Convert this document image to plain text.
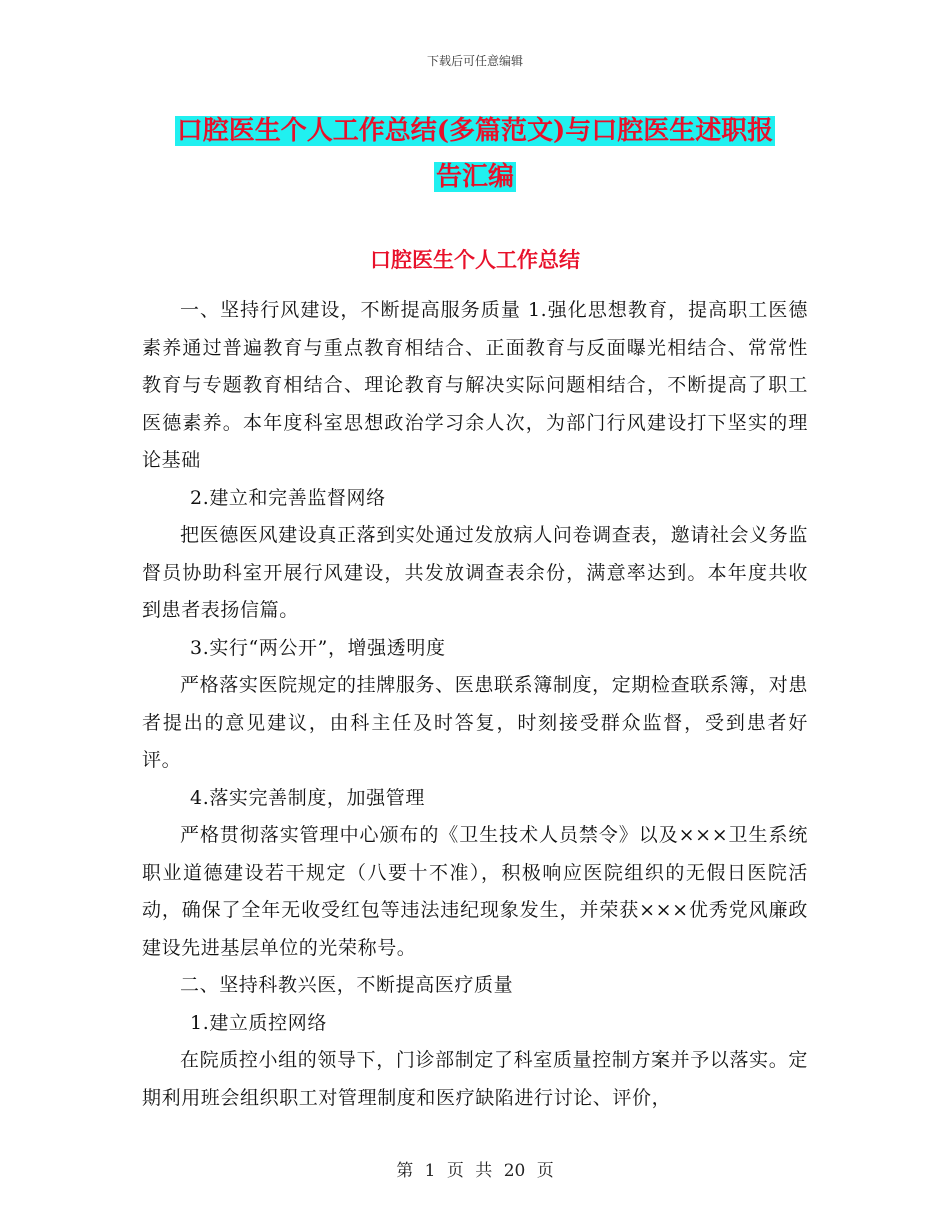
下载后可任意编辑
口腔医生个人工作总结(多篇范文)与口腔医生述职报
告汇编
口腔医生个人工作总结

一、坚持行风建设，不断提高服务质量 1.强化思想教育，提高职工医德素养通过普遍教育与重点教育相结合、正面教育与反面曝光相结合、常常性教育与专题教育相结合、理论教育与解决实际问题相结合，不断提高了职工医德素养。本年度科室思想政治学习余人次，为部门行风建设打下坚实的理论基础

2.建立和完善监督网络

把医德医风建设真正落到实处通过发放病人问卷调查表，邀请社会义务监督员协助科室开展行风建设，共发放调查表余份，满意率达到。本年度共收到患者表扬信篇。

3.实行“两公开”，增强透明度

严格落实医院规定的挂牌服务、医患联系簿制度，定期检查联系簿，对患者提出的意见建议，由科主任及时答复，时刻接受群众监督，受到患者好评。

4.落实完善制度，加强管理

严格贯彻落实管理中心颁布的《卫生技术人员禁令》以及×××卫生系统职业道德建设若干规定（八要十不准），积极响应医院组织的无假日医院活动，确保了全年无收受红包等违法违纪现象发生，并荣获×××优秀党风廉政建设先进基层单位的光荣称号。

二、坚持科教兴医，不断提高医疗质量

1.建立质控网络

在院质控小组的领导下，门诊部制定了科室质量控制方案并予以落实。定期利用班会组织职工对管理制度和医疗缺陷进行讨论、评价，

第 1 页 共 20 页
